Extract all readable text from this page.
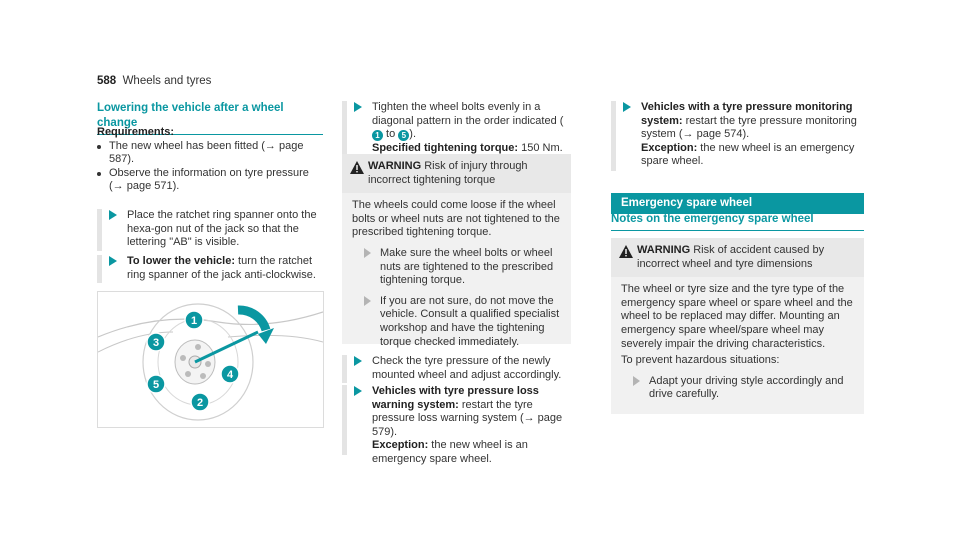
588 Wheels and tyres
Lowering the vehicle after a wheel change
Requirements:
The new wheel has been fitted (→ page 587).
Observe the information on tyre pressure (→ page 571).
Place the ratchet ring spanner onto the hexa-gon nut of the jack so that the lettering "AB" is visible.
To lower the vehicle: turn the ratchet ring spanner of the jack anti-clockwise.
1
2
3
4
5
Tighten the wheel bolts evenly in a diagonal pattern in the order indicated (1 to 5 ).
Specified tightening torque: 150 Nm.
WARNING Risk of injury through incorrect tightening torque
The wheels could come loose if the wheel bolts or wheel nuts are not tightened to the prescribed tightening torque.
Make sure the wheel bolts or wheel nuts are tightened to the prescribed tightening torque.
If you are not sure, do not move the vehicle. Consult a qualified specialist workshop and have the tightening torque checked immediately.
Check the tyre pressure of the newly mounted wheel and adjust accordingly.
Vehicles with tyre pressure loss warning system: restart the tyre pressure loss warning system (→ page 579).
Exception: the new wheel is an emergency spare wheel.
Vehicles with a tyre pressure monitoring system: restart the tyre pressure monitoring system (→ page 574).
Exception: the new wheel is an emergency spare wheel.
Emergency spare wheel
Notes on the emergency spare wheel
WARNING Risk of accident caused by incorrect wheel and tyre dimensions
The wheel or tyre size and the tyre type of the emergency spare wheel or spare wheel and the wheel to be replaced may differ. Mounting an emergency spare wheel/spare wheel may severely impair the driving characteristics.
To prevent hazardous situations:
Adapt your driving style accordingly and drive carefully.
